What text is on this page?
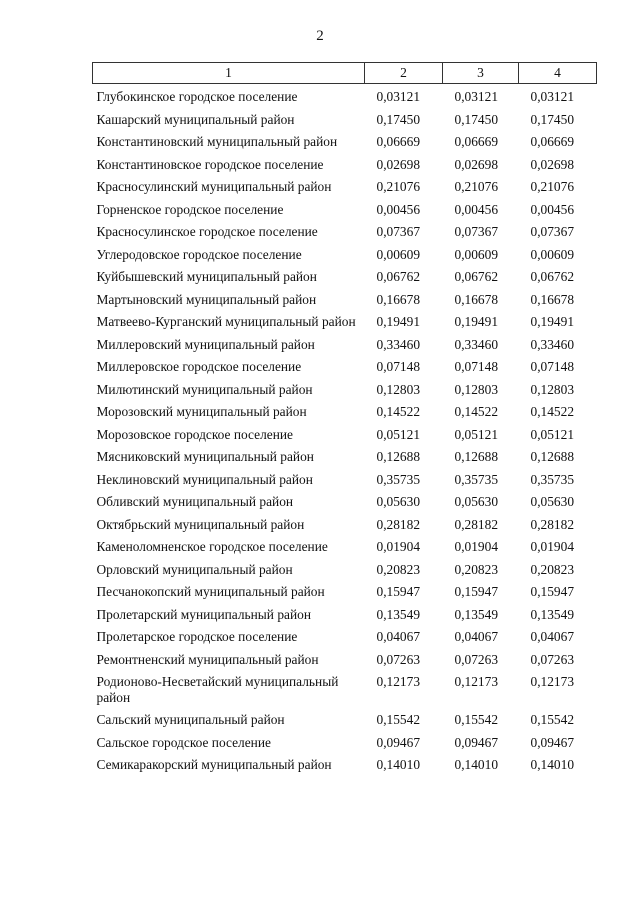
2
1	2	3	4
Глубокинское городское поселение	0,03121	0,03121	0,03121
Кашарский муниципальный район	0,17450	0,17450	0,17450
Константиновский муниципальный район	0,06669	0,06669	0,06669
Константиновское городское поселение	0,02698	0,02698	0,02698
Красносулинский муниципальный район	0,21076	0,21076	0,21076
Горненское городское поселение	0,00456	0,00456	0,00456
Красносулинское городское поселение	0,07367	0,07367	0,07367
Углеродовское городское поселение	0,00609	0,00609	0,00609
Куйбышевский муниципальный район	0,06762	0,06762	0,06762
Мартыновский муниципальный район	0,16678	0,16678	0,16678
Матвеево-Курганский муниципальный район	0,19491	0,19491	0,19491
Миллеровский муниципальный район	0,33460	0,33460	0,33460
Миллеровское городское поселение	0,07148	0,07148	0,07148
Милютинский муниципальный район	0,12803	0,12803	0,12803
Морозовский муниципальный район	0,14522	0,14522	0,14522
Морозовское городское поселение	0,05121	0,05121	0,05121
Мясниковский муниципальный район	0,12688	0,12688	0,12688
Неклиновский муниципальный район	0,35735	0,35735	0,35735
Обливский муниципальный район	0,05630	0,05630	0,05630
Октябрьский муниципальный район	0,28182	0,28182	0,28182
Каменоломненское городское поселение	0,01904	0,01904	0,01904
Орловский муниципальный район	0,20823	0,20823	0,20823
Песчанокопский муниципальный район	0,15947	0,15947	0,15947
Пролетарский муниципальный район	0,13549	0,13549	0,13549
Пролетарское городское поселение	0,04067	0,04067	0,04067
Ремонтненский муниципальный район	0,07263	0,07263	0,07263
Родионово-Несветайский муниципальный район	0,12173	0,12173	0,12173
Сальский муниципальный район	0,15542	0,15542	0,15542
Сальское городское поселение	0,09467	0,09467	0,09467
Семикаракорский муниципальный район	0,14010	0,14010	0,14010
